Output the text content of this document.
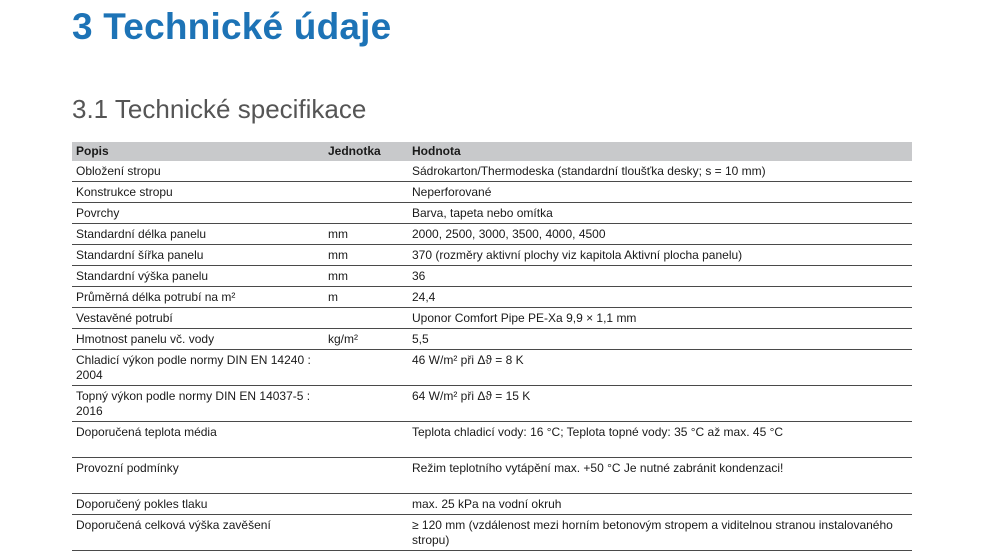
3 Technické údaje
3.1 Technické specifikace
Popis	Jednotka	Hodnota
Obložení stropu		Sádrokarton/Thermodeska (standardní tloušťka desky; s = 10 mm)
Konstrukce stropu		Neperforované
Povrchy		Barva, tapeta nebo omítka
Standardní délka panelu	mm	2000, 2500, 3000, 3500, 4000, 4500
Standardní šířka panelu	mm	370 (rozměry aktivní plochy viz kapitola Aktivní plocha panelu)
Standardní výška panelu	mm	36
Průměrná délka potrubí na m²	m	24,4
Vestavěné potrubí		Uponor Comfort Pipe PE-Xa 9,9 × 1,1 mm
Hmotnost panelu vč. vody	kg/m²	5,5
Chladicí výkon podle normy DIN EN 14240 : 2004		46 W/m² při Δϑ = 8 K
Topný výkon podle normy DIN EN 14037-5 : 2016		64 W/m² při Δϑ = 15 K
Doporučená teplota média		Teplota chladicí vody: 16 °C; Teplota topné vody: 35 °C až max. 45 °C
Provozní podmínky		Režim teplotního vytápění max. +50 °C Je nutné zabránit kondenzaci!
Doporučený pokles tlaku		max. 25 kPa na vodní okruh
Doporučená celková výška zavěšení		≥ 120 mm (vzdálenost mezi horním betonovým stropem a viditelnou stranou instalovaného stropu)
